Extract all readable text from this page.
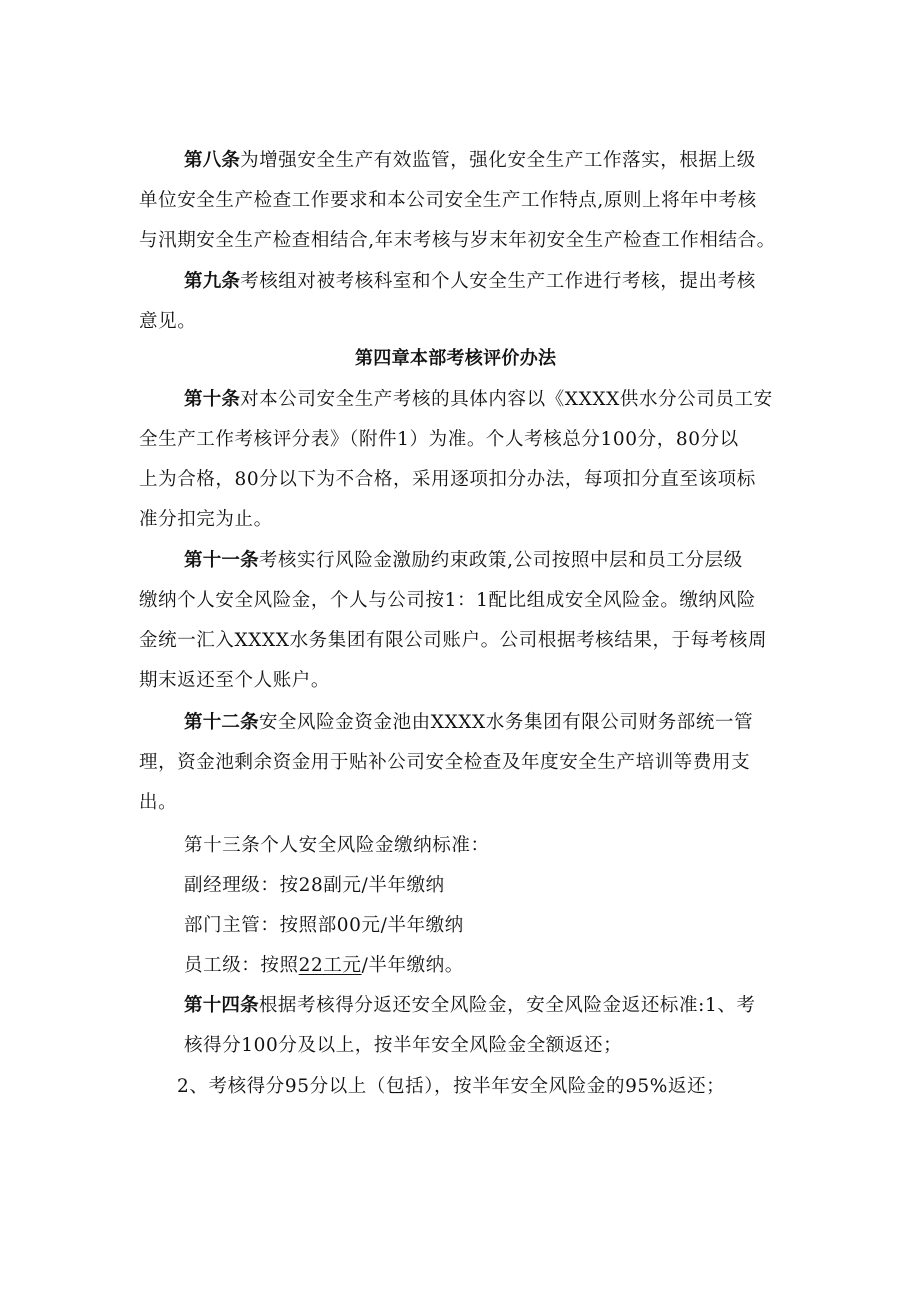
第八条为增强安全生产有效监管，强化安全生产工作落实，根据上级
单位安全生产检查工作要求和本公司安全生产工作特点,原则上将年中考核
与汛期安全生产检查相结合,年末考核与岁末年初安全生产检查工作相结合。
第九条考核组对被考核科室和个人安全生产工作进行考核，提出考核
意见。
第四章本部考核评价办法
第十条对本公司安全生产考核的具体内容以《XXXX供水分公司员工安
全生产工作考核评分表》（附件1）为准。个人考核总分100分，80分以
上为合格，80分以下为不合格，采用逐项扣分办法，每项扣分直至该项标
准分扣完为止。
第十一条考核实行风险金激励约束政策,公司按照中层和员工分层级
缴纳个人安全风险金，个人与公司按1：1配比组成安全风险金。缴纳风险
金统一汇入XXXX水务集团有限公司账户。公司根据考核结果，于每考核周
期末返还至个人账户。
第十二条安全风险金资金池由XXXX水务集团有限公司财务部统一管
理，资金池剩余资金用于贴补公司安全检查及年度安全生产培训等费用支
出。
第十三条个人安全风险金缴纳标准：
副经理级：按28副元/半年缴纳
部门主管：按照部00元/半年缴纳
员工级：按照22工元/半年缴纳。
第十四条根据考核得分返还安全风险金，安全风险金返还标准:1、考
核得分100分及以上，按半年安全风险金全额返还；
2、考核得分95分以上（包括），按半年安全风险金的95%返还；
